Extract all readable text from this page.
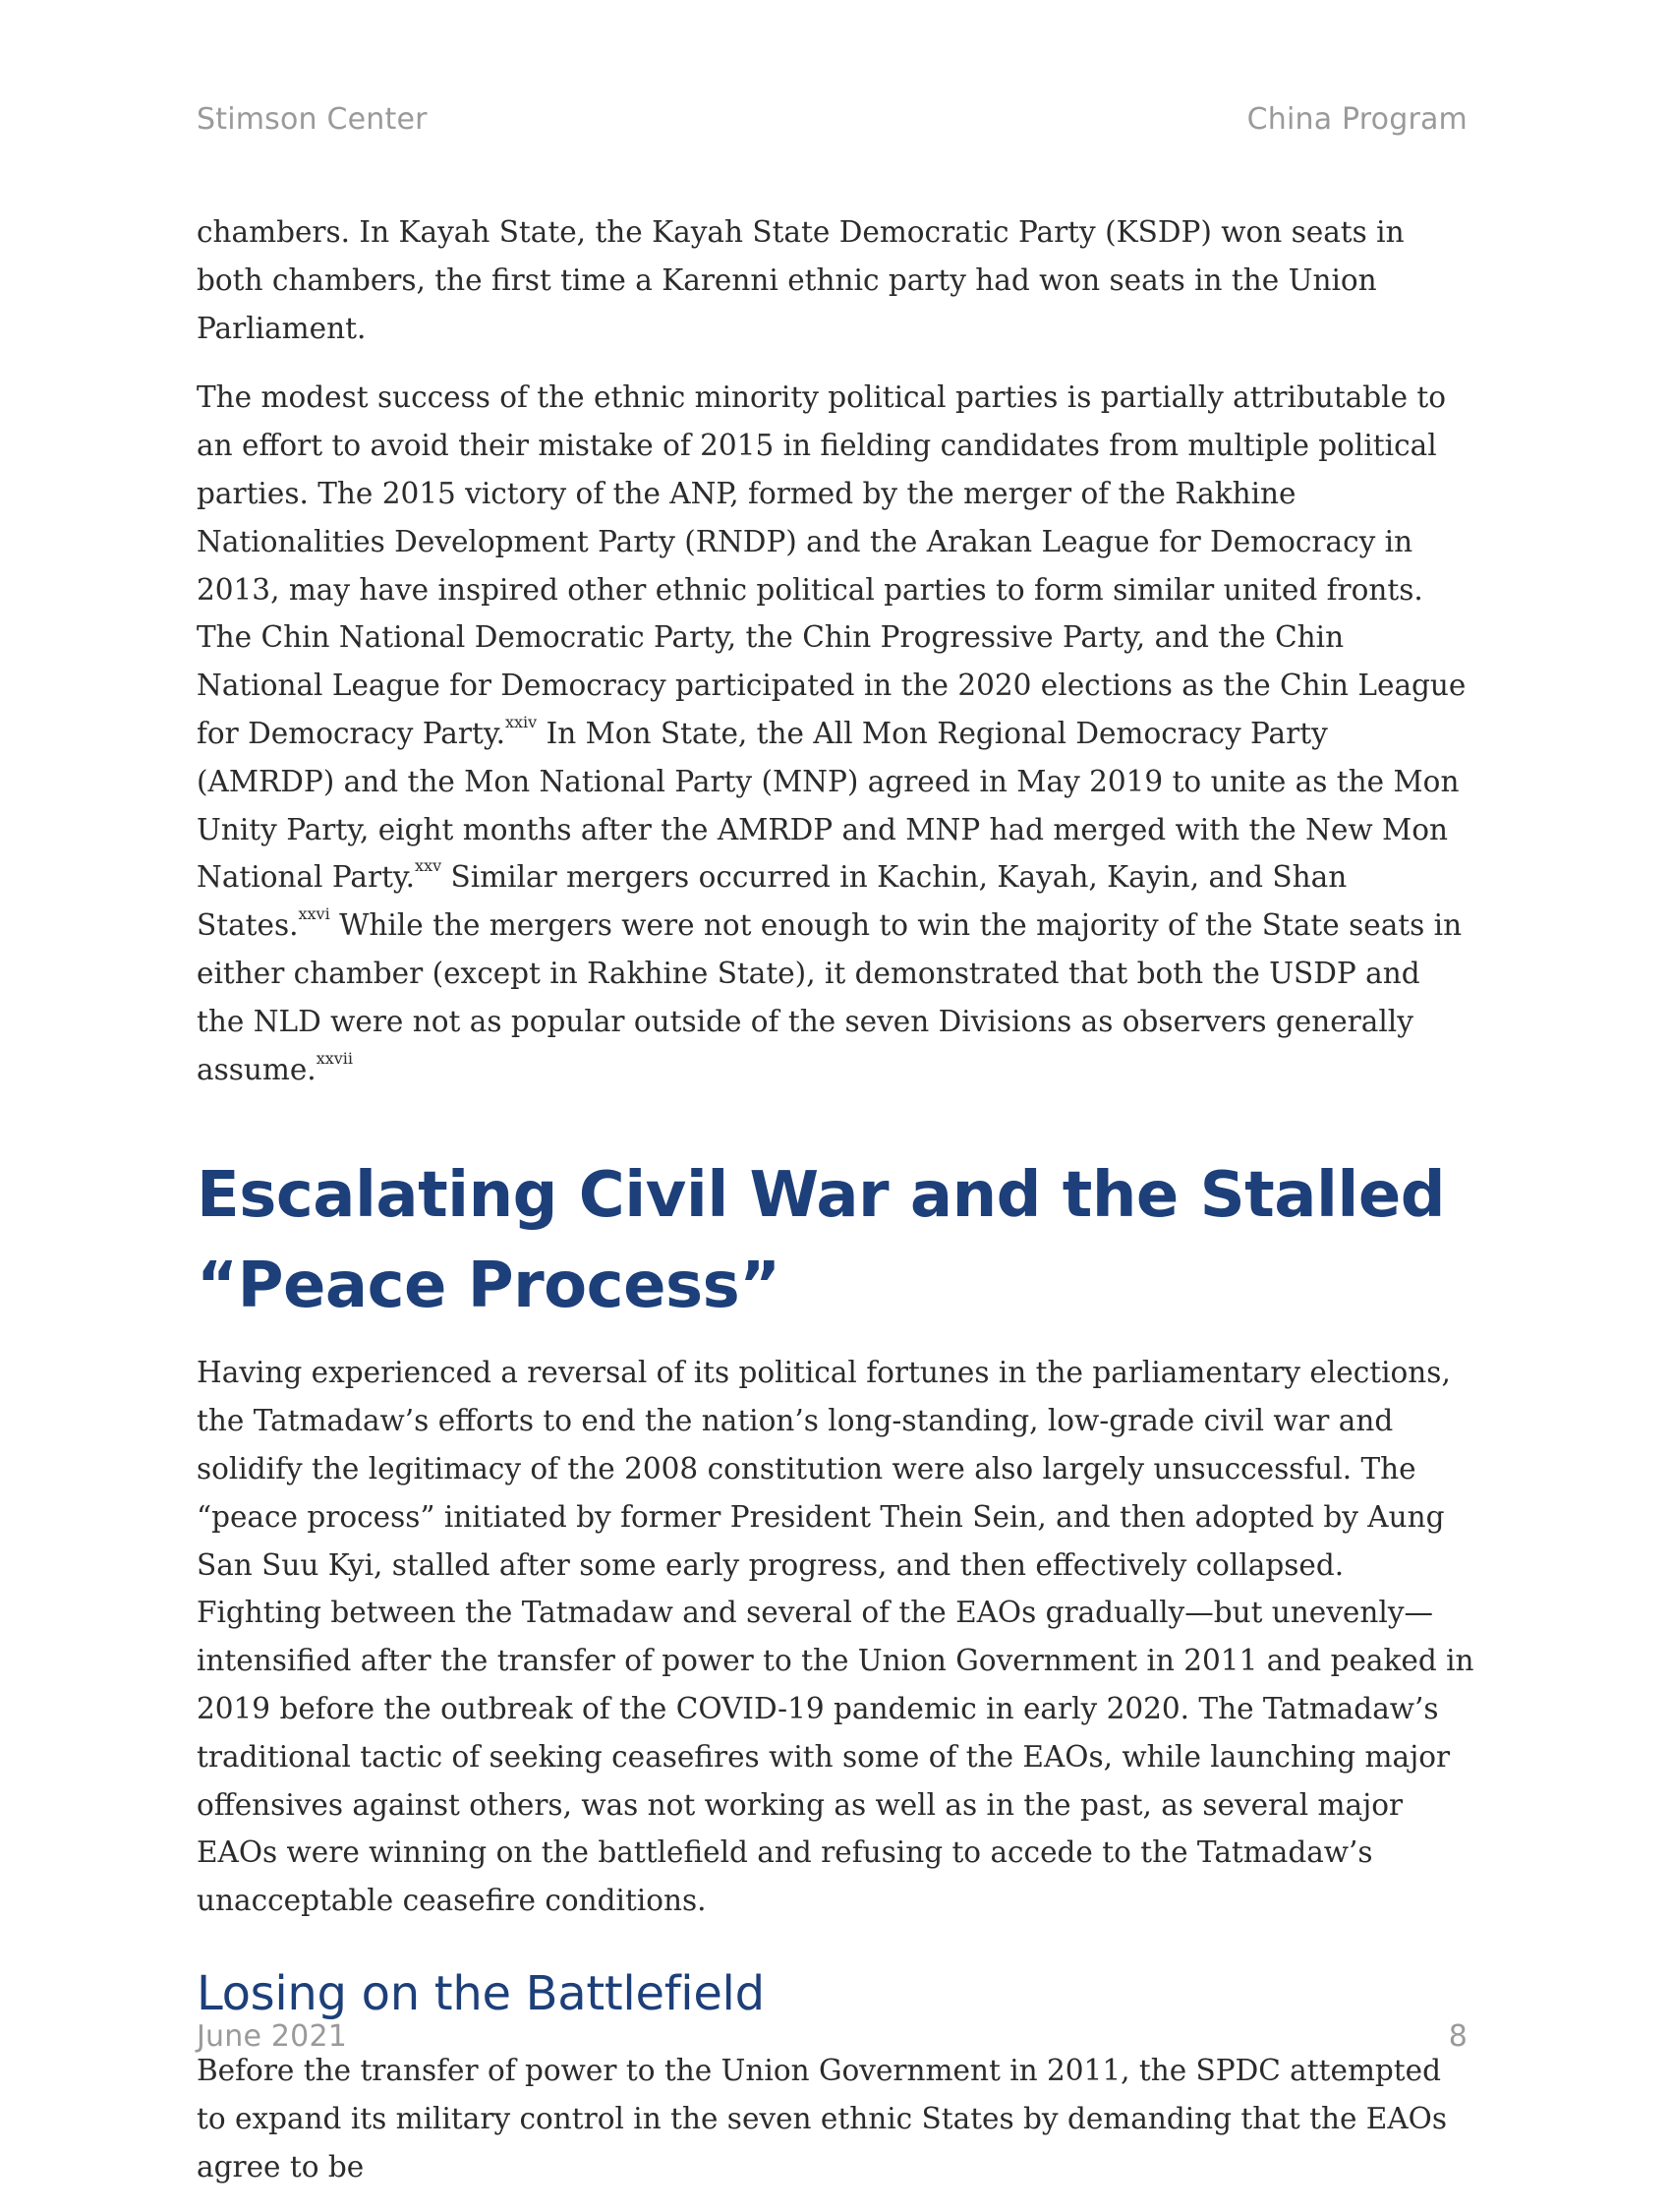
Stimson Center	China Program

chambers. In Kayah State, the Kayah State Democratic Party (KSDP) won seats in both chambers, the first time a Karenni ethnic party had won seats in the Union Parliament.

The modest success of the ethnic minority political parties is partially attributable to an effort to avoid their mistake of 2015 in fielding candidates from multiple political parties. The 2015 victory of the ANP, formed by the merger of the Rakhine Nationalities Development Party (RNDP) and the Arakan League for Democracy in 2013, may have inspired other ethnic political parties to form similar united fronts. The Chin National Democratic Party, the Chin Progressive Party, and the Chin National League for Democracy participated in the 2020 elections as the Chin League for Democracy Party.$^{xxiv}$ In Mon State, the All Mon Regional Democracy Party (AMRDP) and the Mon National Party (MNP) agreed in May 2019 to unite as the Mon Unity Party, eight months after the AMRDP and MNP had merged with the New Mon National Party.$^{xxv}$ Similar mergers occurred in Kachin, Kayah, Kayin, and Shan States.$^{xxvi}$ While the mergers were not enough to win the majority of the State seats in either chamber (except in Rakhine State), it demonstrated that both the USDP and the NLD were not as popular outside of the seven Divisions as observers generally assume.$^{xxvii}$

Escalating Civil War and the Stalled “Peace Process”

Having experienced a reversal of its political fortunes in the parliamentary elections, the Tatmadaw’s efforts to end the nation’s long-standing, low-grade civil war and solidify the legitimacy of the 2008 constitution were also largely unsuccessful. The “peace process” initiated by former President Thein Sein, and then adopted by Aung San Suu Kyi, stalled after some early progress, and then effectively collapsed. Fighting between the Tatmadaw and several of the EAOs gradually—but unevenly—intensified after the transfer of power to the Union Government in 2011 and peaked in 2019 before the outbreak of the COVID-19 pandemic in early 2020. The Tatmadaw’s traditional tactic of seeking ceasefires with some of the EAOs, while launching major offensives against others, was not working as well as in the past, as several major EAOs were winning on the battlefield and refusing to accede to the Tatmadaw’s unacceptable ceasefire conditions.

Losing on the Battlefield

Before the transfer of power to the Union Government in 2011, the SPDC attempted to expand its military control in the seven ethnic States by demanding that the EAOs agree to be

June 2021	8
